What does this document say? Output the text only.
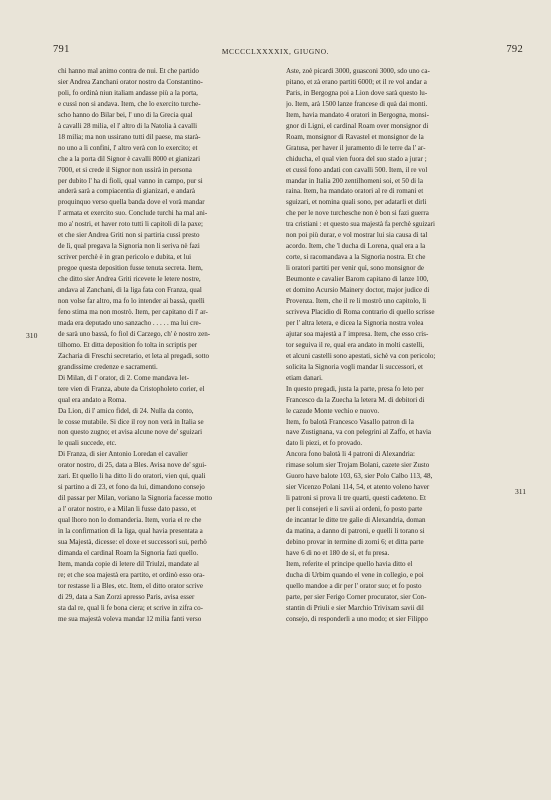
791	MCCCCLXXXXIX, GIUGNO.	792
310
311
chi hanno mal animo contra de nui. Et che partido
sier Andrea Zanchani orator nostro da Constantino-
poli, fo ordinà niun italiam andasse più a la porta,
e cussì non si andava. Item, che lo exercito turche-
scho hanno do Bilar bei, l' uno di la Grecia qual
à cavalli 28 milia, el l' altro di la Natolia à cavalli
18 milia; ma non ussirano tutti dil paese, ma starà-
no uno a li confini, l' altro verà con lo exercito; et
che a la porta dil Signor è cavalli 8000 et gianizari
7000, et si crede il Signor non ussirà in persona
per dubito l' ha di fioli, qual vanno in campo, pur si
anderà sarà a compiacentia di gianizari, e andarà
proquinquo verso quella banda dove el vorà mandar
l' armata et exercito suo. Conclude turchi ha mal ani-
mo a' nostri, et haver roto tutti li capitoli di la paxe;
et che sier Andrea Griti non si partiria cussì presto
de lì, qual pregava la Signoria non li seriva nè fazi
scriver perchè è in gran pericolo e dubita, et lui
pregoe questa deposition fusse tenuta secreta. Item,
che ditto sier Andrea Griti ricevete le letere nostre,
andava al Zanchani, di la liga fata con Franza, qual
non volse far altro, ma fo lo intender ai bassà, quelli
feno stima ma non mostrò. Item, per capitano di l' ar-
mada era deputado uno sanzacho . . . . . ma lui cre-
de sarà uno bassà, fo fiol di Carzego, ch' è nostro zen-
tilhomo. Et ditta deposition fo tolta in scriptis per
Zacharia di Freschi secretario, et leta al pregadi, sotto
grandissime credenze e sacramenti.
Di Milan, di l' orator, di 2. Come mandava let-
tere vien di Franza, abute da Cristopholeto corier, el
qual era andato a Roma.
Da Lion, di l' amico fidel, di 24. Nulla da conto,
le cosse mutabile. Si dice il roy non verà in Italia se
non questo zugno; et avisa alcune nove de' sguizari
le quali succede, etc.
Di Franza, di sier Antonio Loredan el cavalier
orator nostro, di 25, data a Bles. Avisa nove de' sgui-
zari. Et quello li ha ditto li do oratori, vien qui, quali
si partino a dì 23, et fono da lui, dimandono consejo
dil passar per Milan, voriano la Signoria facesse motto
a l' orator nostro, e a Milan li fusse dato passo, et
qual lhoro non lo domanderia. Item, voria el re che
in la confirmation di la liga, qual havia presentata a
sua Majestà, dicesse: el doxe et successori sui, perhò
dimanda el cardinal Roam la Signoria fazi quello.
Item, manda copie di letere dil Triulzi, mandate al
re; et che soa majestà era partito, et ordinò esso ora-
tor restasse li a Bles, etc. Item, el ditto orator scrive
di 29, data a San Zorzi apresso Paris, avisa esser
sta dal re, qual li fe bona ciera; et scrive in zifra co-
me sua majestà voleva mandar 12 milia fanti verso
Aste, zoè picardi 3000, guasconi 3000, sdo uno ca-
pitano, et zà erano partiti 6000; et il re vol andar a
Paris, in Bergogna poi a Lion dove sarà questo lu-
jo. Item, arà 1500 lanze francese di quà dai monti.
Item, havia mandato 4 oratori in Bergogna, monsi-
gnor di Ligni, el cardinal Roam over monsignor di
Roam, monsignor di Ravastel et monsignor de la
Gratusa, per haver il juramento di le terre da l' ar-
chiducha, el qual vien fuora del suo stado a jurar ;
et cussì fono andati con cavalli 500. Item, il re vol
mandar in Italia 200 zentilhomeni soi, et 50 di la
raina. Item, ha mandato oratori al re di romani et
sguizari, et nomina quali sono, per adatarli et dirli
che per le nove turchesche non è bon si fazi guerra
tra cristiani : et questo sua majestà fa perchè sguizari
non poi più durar, e vol mostrar lui sia causa di tal
acordo. Item, che 'l ducha di Lorena, qual era a la
corte, si racomandava a la Signoria nostra. Et che
li oratori partiti per venir quì, sono monsignor de
Beumonte e cavalier Barom capitano di lanze 100,
et domino Acursio Mainery doctor, major judice di
Provenza. Item, che il re li mostrò uno capitolo, li
scriveva Placidio di Roma contrario di quello scrisse
per l' altra letera, e dicea la Signoria nostra volea
ajutar soa majestà a l' impresa. Item, che esso cris-
tor seguiva il re, qual era andato in molti castelli,
et alcuni castelli sono apestati, sichè va con pericolo;
solicita la Signoria vogli mandar li successori, et
etiam danari.
In questo pregadi, justa la parte, presa fo leto per
Francesco da la Zuecha la letera M. di debitori di
le cazude Monte vechio e nuovo.
Item, fo balotà Francesco Vasallo patron di la
nave Zustignana, va con pelegrini al Zaffo, et havia
dato li piezi, et fo provado.
Ancora fono balotà li 4 patroni di Alexandria:
rimase solum sier Trojam Bolani, cazete sier Zusto
Guoro have balote 103, 63, sier Polo Calbo 113, 48,
sier Vicenzo Polani 114, 54, et atento voleno haver
li patroni si prova li tre quarti, questi cadeteno. Et
per li consejeri e li savii ai ordeni, fo posto parte
de incantar le ditte tre galie di Alexandria, doman
da matina, a danno di patroni, e quelli li torano si
debino provar in termine di zorni 6; et ditta parte
have 6 di no et 180 de sì, et fu presa.
Item, referite el principe quello havia ditto el
ducha di Urbim quando el vene in collegio, e poi
quello mandoe a dir per l' orator suo; et fo posto
parte, per sier Ferigo Corner procurator, sier Con-
stantin di Priuli e sier Marchio Trivixam savii dil
consejo, di responderli a uno modo; et sier Filippo
